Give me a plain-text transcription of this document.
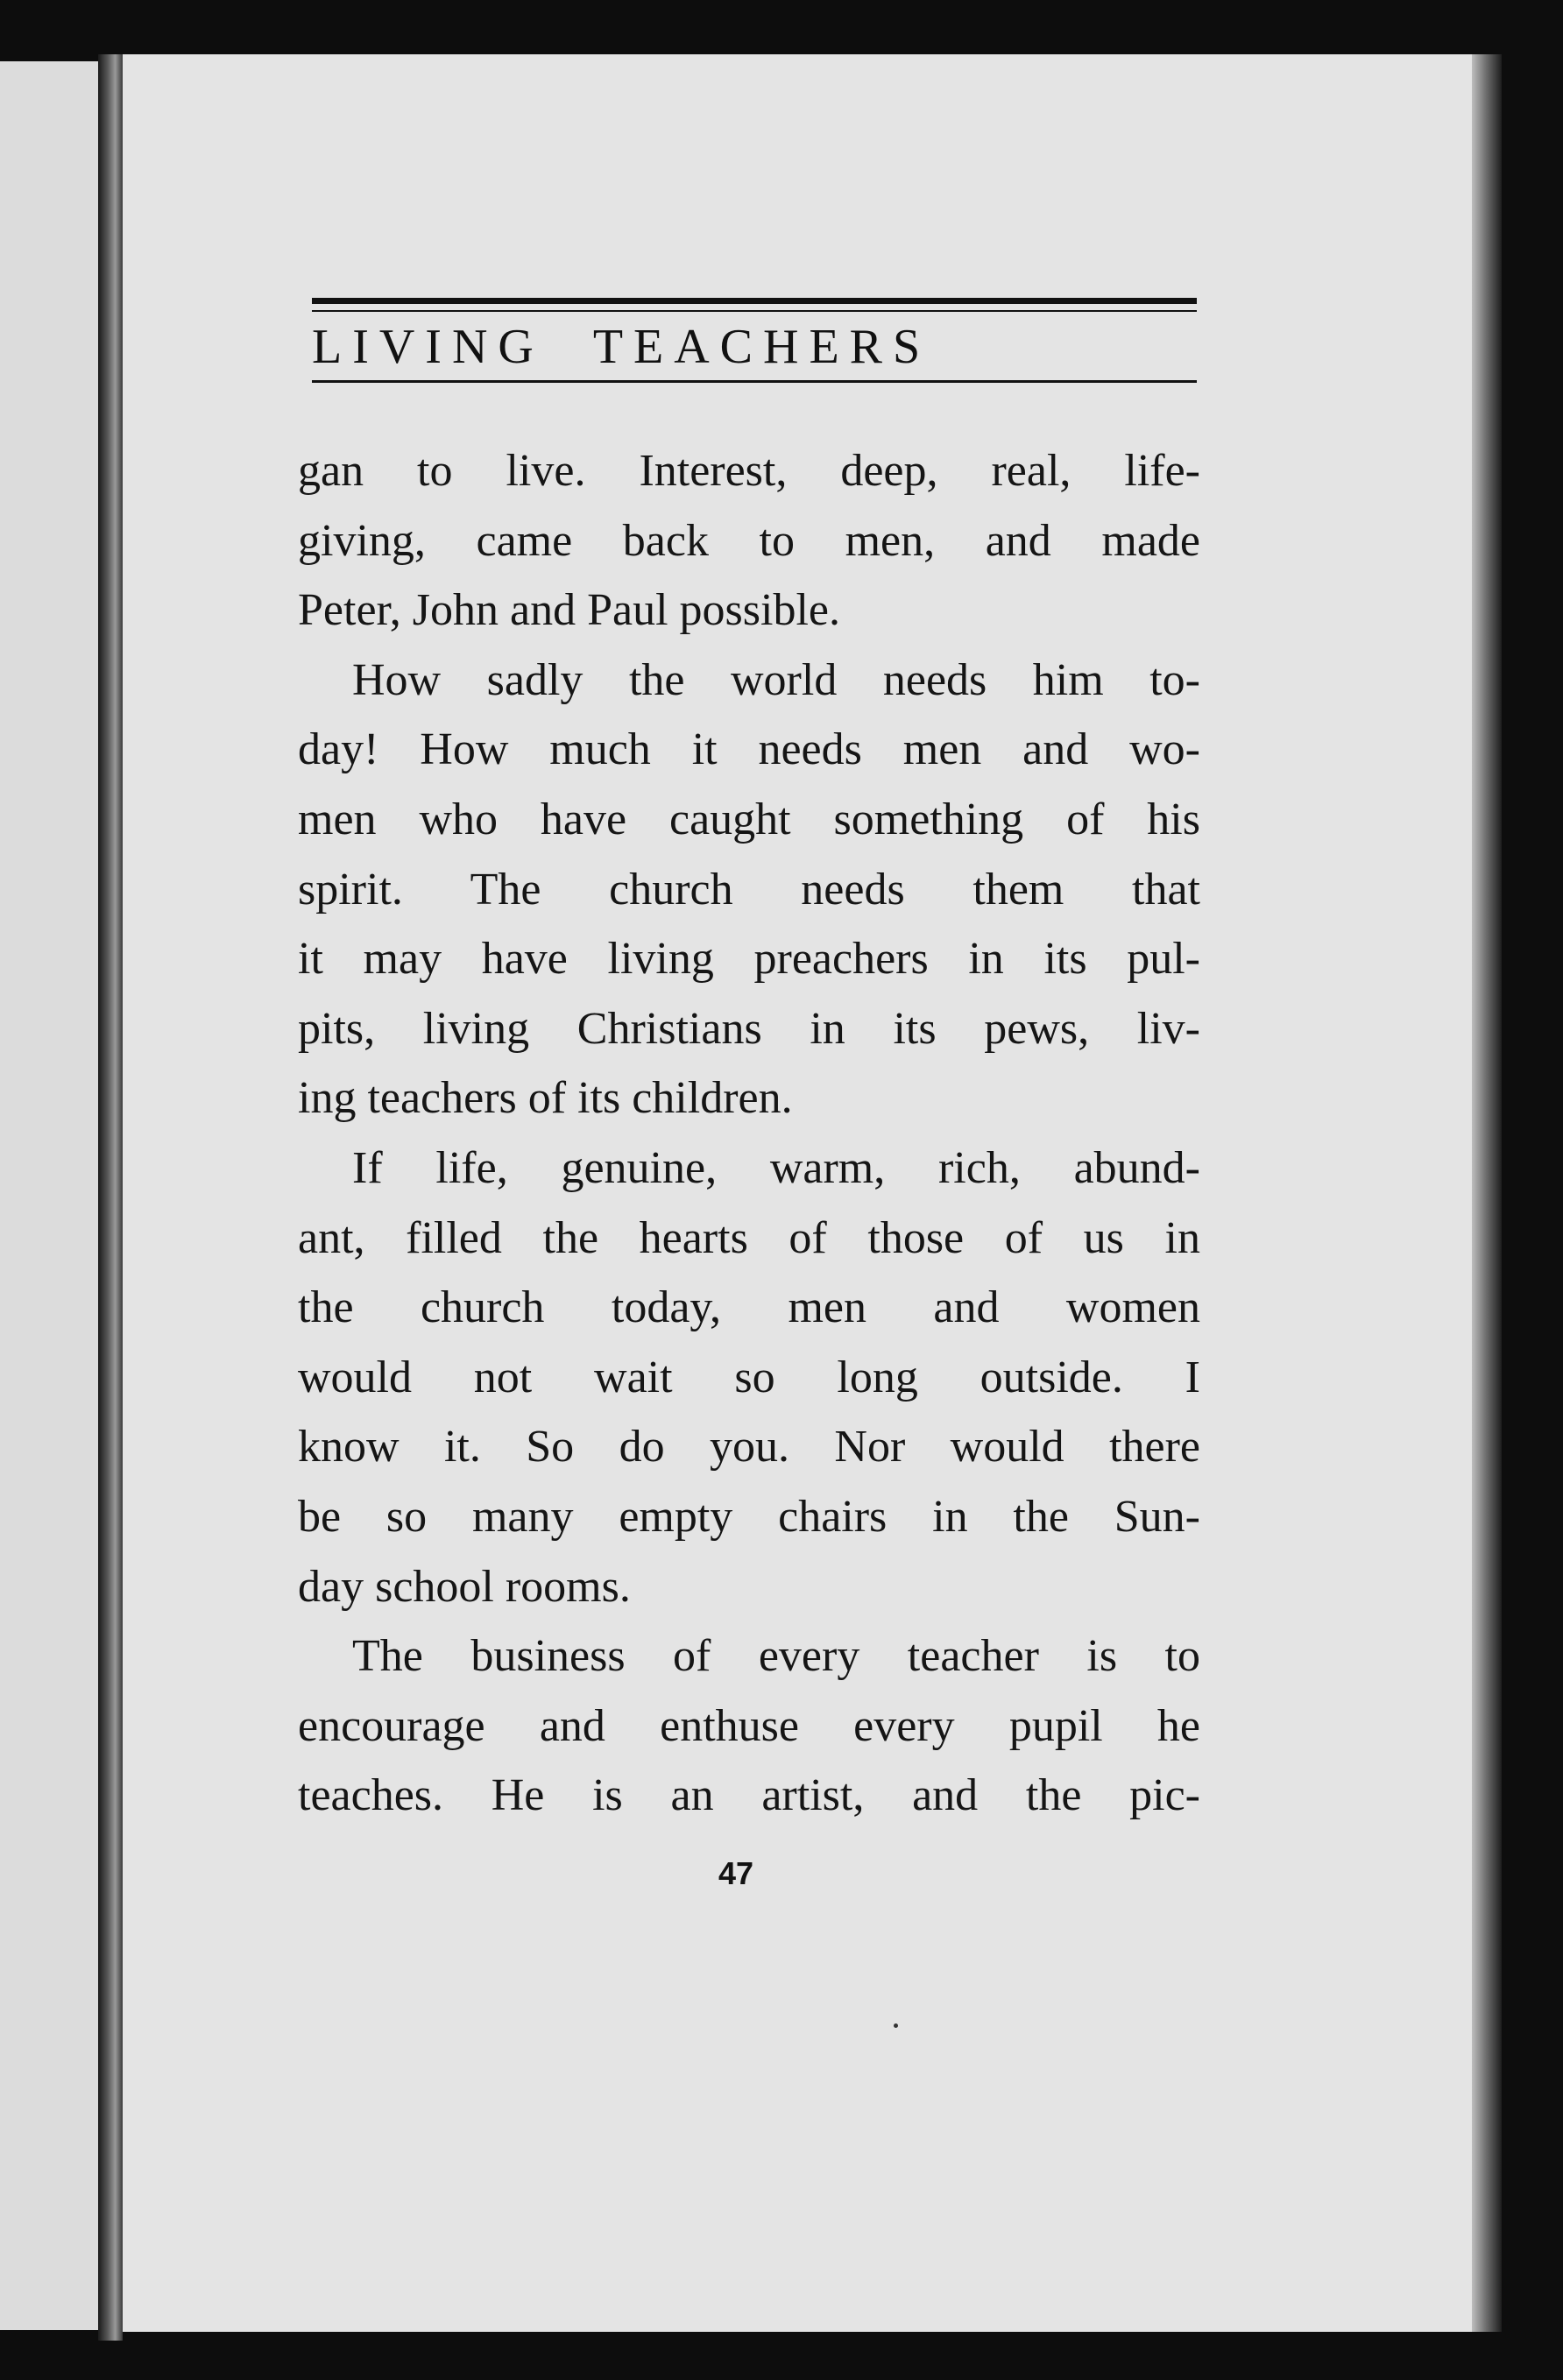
LIVING TEACHERS
gan to live. Interest, deep, real, life-
giving, came back to men, and made
Peter, John and Paul possible.
How sadly the world needs him to-
day! How much it needs men and wo-
men who have caught something of his
spirit. The church needs them that
it may have living preachers in its pul-
pits, living Christians in its pews, liv-
ing teachers of its children.
If life, genuine, warm, rich, abund-
ant, filled the hearts of those of us in
the church today, men and women
would not wait so long outside. I
know it. So do you. Nor would there
be so many empty chairs in the Sun-
day school rooms.
The business of every teacher is to
encourage and enthuse every pupil he
teaches. He is an artist, and the pic-
47
